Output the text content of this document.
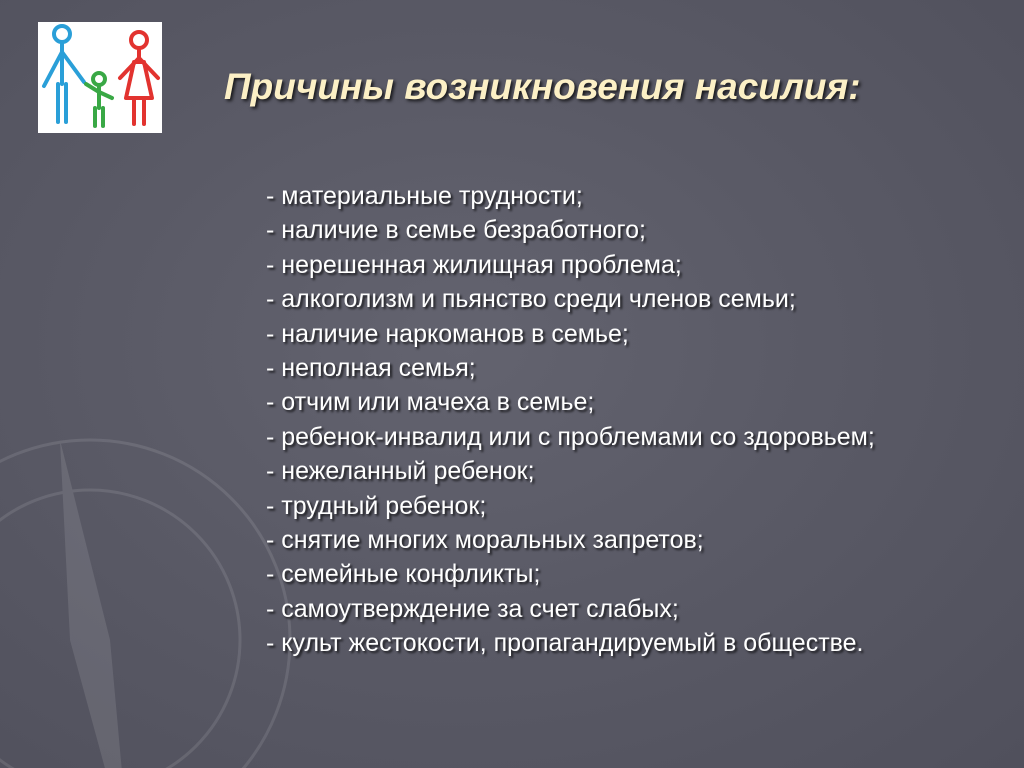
Причины возникновения насилия:
- материальные трудности;
- наличие в семье безработного;
- нерешенная жилищная проблема;
- алкоголизм и пьянство среди членов семьи;
- наличие наркоманов в семье;
- неполная семья;
- отчим или мачеха в семье;
- ребенок-инвалид или с проблемами со здоровьем;
- нежеланный ребенок;
- трудный ребенок;
- снятие многих моральных запретов;
- семейные конфликты;
- самоутверждение за счет слабых;
- культ жестокости, пропагандируемый в обществе.
